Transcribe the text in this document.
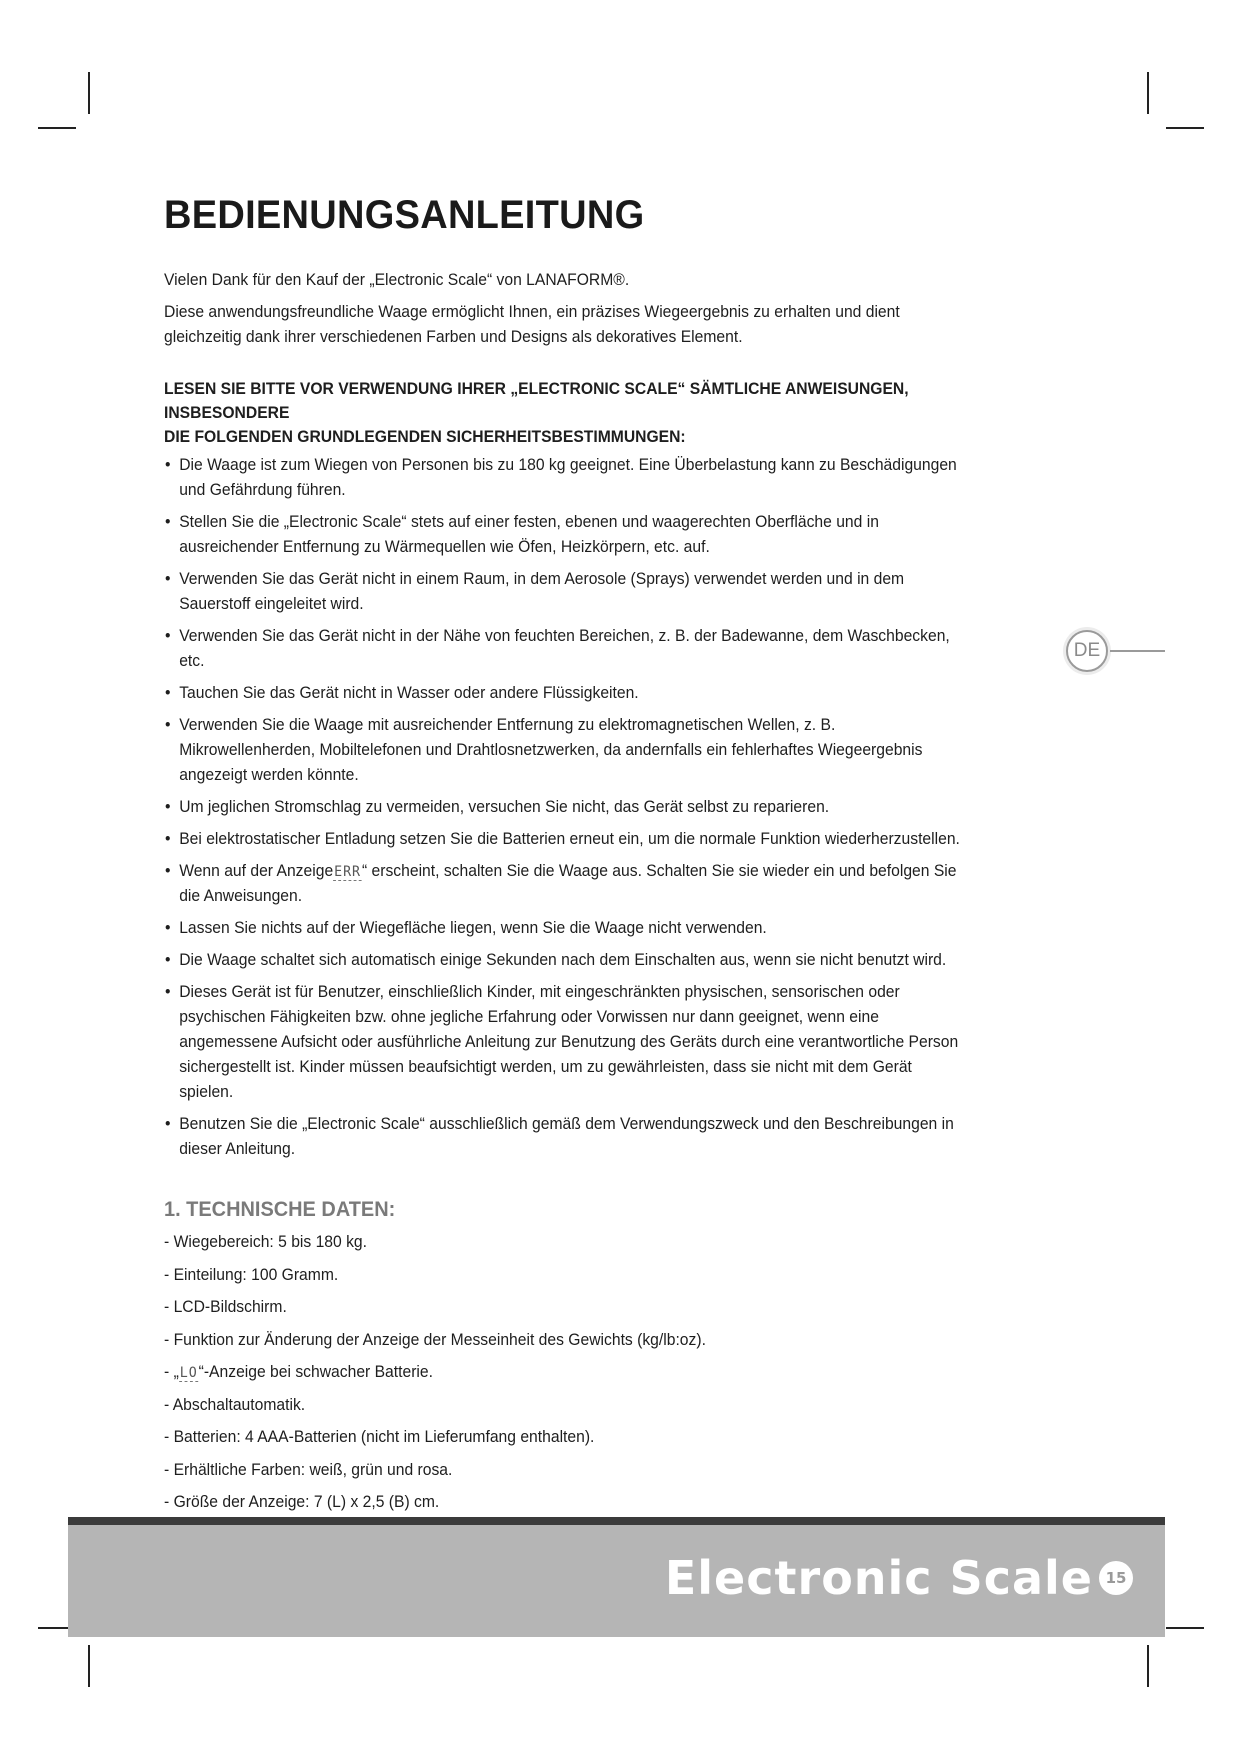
BEDIENUNGSANLEITUNG

Vielen Dank für den Kauf der „Electronic Scale“ von LANAFORM®.

Diese anwendungsfreundliche Waage ermöglicht Ihnen, ein präzises Wiegeergebnis zu erhalten und dient gleichzeitig dank ihrer verschiedenen Farben und Designs als dekoratives Element.

LESEN SIE BITTE VOR VERWENDUNG IHRER „ELECTRONIC SCALE“ SÄMTLICHE ANWEISUNGEN, INSBESONDERE
DIE FOLGENDEN GRUNDLEGENDEN SICHERHEITSBESTIMMUNGEN:
• Die Waage ist zum Wiegen von Personen bis zu 180 kg geeignet. Eine Überbelastung kann zu Beschädigungen und Gefährdung führen.
• Stellen Sie die „Electronic Scale“ stets auf einer festen, ebenen und waagerechten Oberfläche und in ausreichender Entfernung zu Wärmequellen wie Öfen, Heizkörpern, etc. auf.
• Verwenden Sie das Gerät nicht in einem Raum, in dem Aerosole (Sprays) verwendet werden und in dem Sauerstoff eingeleitet wird.
• Verwenden Sie das Gerät nicht in der Nähe von feuchten Bereichen, z. B. der Badewanne, dem Waschbecken, etc.
• Tauchen Sie das Gerät nicht in Wasser oder andere Flüssigkeiten.
• Verwenden Sie die Waage mit ausreichender Entfernung zu elektromagnetischen Wellen, z. B. Mikrowellenherden, Mobiltelefonen und Drahtlosnetzwerken, da andernfalls ein fehlerhaftes Wiegeergebnis angezeigt werden könnte.
• Um jeglichen Stromschlag zu vermeiden, versuchen Sie nicht, das Gerät selbst zu reparieren.
• Bei elektrostatischer Entladung setzen Sie die Batterien erneut ein, um die normale Funktion wiederherzustellen.
• Wenn auf der AnzeigeERR“ erscheint, schalten Sie die Waage aus. Schalten Sie sie wieder ein und befolgen Sie die Anweisungen.
• Lassen Sie nichts auf der Wiegefläche liegen, wenn Sie die Waage nicht verwenden.
• Die Waage schaltet sich automatisch einige Sekunden nach dem Einschalten aus, wenn sie nicht benutzt wird.
• Dieses Gerät ist für Benutzer, einschließlich Kinder, mit eingeschränkten physischen, sensorischen oder psychischen Fähigkeiten bzw. ohne jegliche Erfahrung oder Vorwissen nur dann geeignet, wenn eine angemessene Aufsicht oder ausführliche Anleitung zur Benutzung des Geräts durch eine verantwortliche Person sichergestellt ist. Kinder müssen beaufsichtigt werden, um zu gewährleisten, dass sie nicht mit dem Gerät spielen.
• Benutzen Sie die „Electronic Scale“ ausschließlich gemäß dem Verwendungszweck und den Beschreibungen in dieser Anleitung.
1. TECHNISCHE DATEN:
- Wiegebereich: 5 bis 180 kg.
- Einteilung: 100 Gramm.
- LCD-Bildschirm.
- Funktion zur Änderung der Anzeige der Messeinheit des Gewichts (kg/lb:oz).
- „LO“-Anzeige bei schwacher Batterie.
- Abschaltautomatik.
- Batterien: 4 AAA-Batterien (nicht im Lieferumfang enthalten).
- Erhältliche Farben: weiß, grün und rosa.
- Größe der Anzeige: 7 (L) x 2,5 (B) cm.
DE
Electronic Scale 15
